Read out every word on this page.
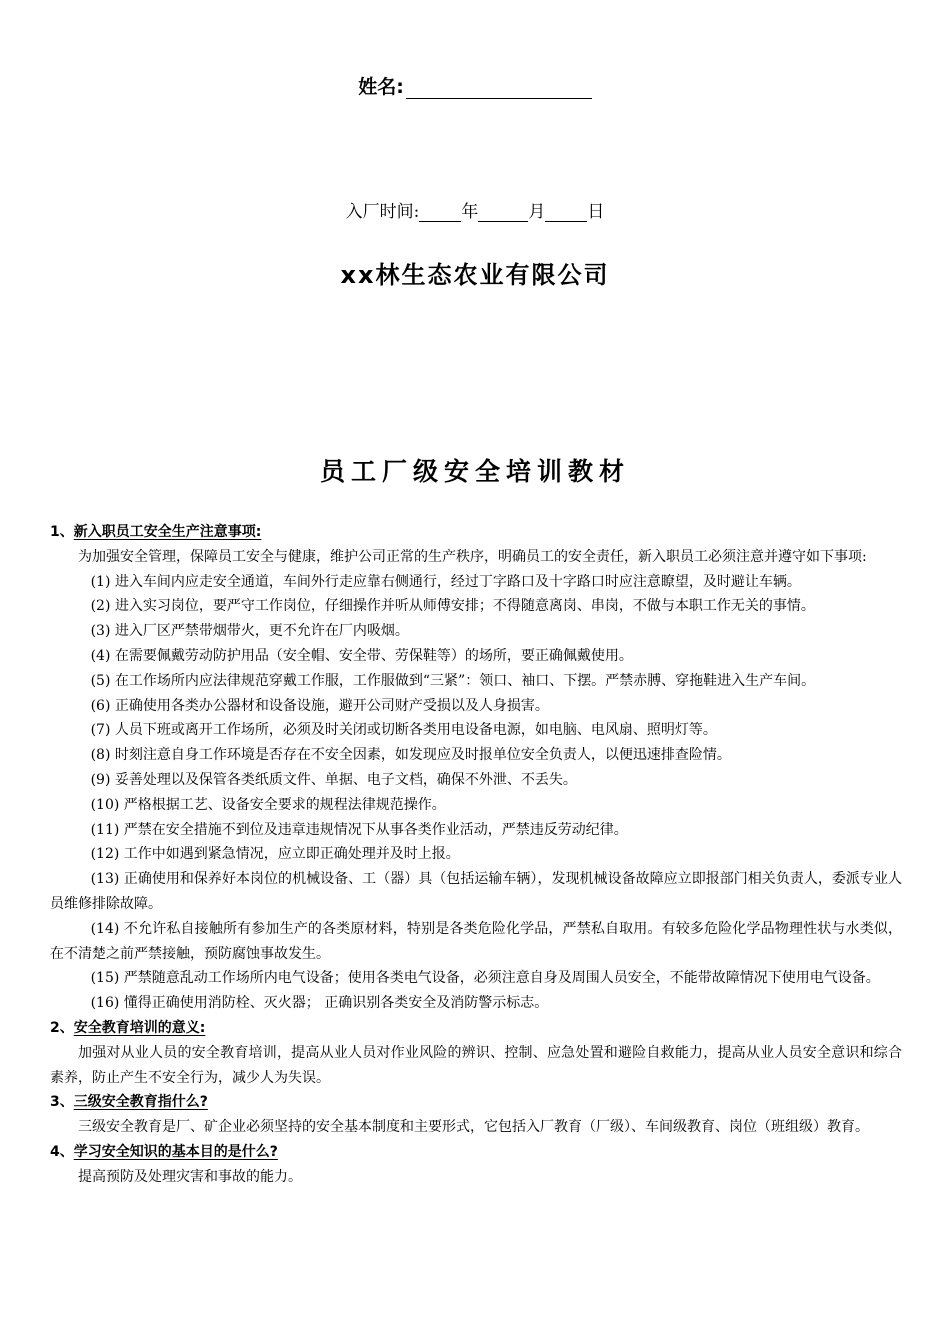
姓名:
入厂时间: 年	月 日
xx林生态农业有限公司
员工厂级安全培训教材
1、新入职员工安全生产注意事项:

为加强安全管理，保障员工安全与健康，维护公司正常的生产秩序，明确员工的安全责任，新入职员工必须注意并遵守如下事项:

(1) 进入车间内应走安全通道，车间外行走应靠右侧通行，经过丁字路口及十字路口时应注意瞭望，及时避让车辆。

(2) 进入实习岗位，要严守工作岗位，仔细操作并听从师傅安排；不得随意离岗、串岗，不做与本职工作无关的事情。

(3) 进入厂区严禁带烟带火，更不允许在厂内吸烟。

(4) 在需要佩戴劳动防护用品（安全帽、安全带、劳保鞋等）的场所，要正确佩戴使用。

(5) 在工作场所内应法律规范穿戴工作服，工作服做到“三紧”：领口、袖口、下摆。严禁赤膊、穿拖鞋进入生产车间。

(6) 正确使用各类办公器材和设备设施，避开公司财产受损以及人身损害。

(7) 人员下班或离开工作场所，必须及时关闭或切断各类用电设备电源，如电脑、电风扇、照明灯等。

(8) 时刻注意自身工作环境是否存在不安全因素，如发现应及时报单位安全负责人，以便迅速排查险情。

(9) 妥善处理以及保管各类纸质文件、单据、电子文档，确保不外泄、不丢失。

(10) 严格根据工艺、设备安全要求的规程法律规范操作。

(11) 严禁在安全措施不到位及违章违规情况下从事各类作业活动，严禁违反劳动纪律。

(12) 工作中如遇到紧急情况，应立即正确处理并及时上报。

(13) 正确使用和保养好本岗位的机械设备、工（器）具（包括运输车辆），发现机械设备故障应立即报部门相关负责人，委派专业人员维修排除故障。

(14) 不允许私自接触所有参加生产的各类原材料，特别是各类危险化学品，严禁私自取用。有较多危险化学品物理性状与水类似，在不清楚之前严禁接触，预防腐蚀事故发生。

(15) 严禁随意乱动工作场所内电气设备；使用各类电气设备，必须注意自身及周围人员安全，不能带故障情况下使用电气设备。

(16) 懂得正确使用消防栓、灭火器； 正确识别各类安全及消防警示标志。

2、安全教育培训的意义:

加强对从业人员的安全教育培训，提高从业人员对作业风险的辨识、控制、应急处置和避险自救能力，提高从业人员安全意识和综合素养，防止产生不安全行为，减少人为失误。

3、三级安全教育指什么?

三级安全教育是厂、矿企业必须坚持的安全基本制度和主要形式，它包括入厂教育（厂级）、车间级教育、岗位（班组级）教育。

4、学习安全知识的基本目的是什么?

提高预防及处理灾害和事故的能力。
